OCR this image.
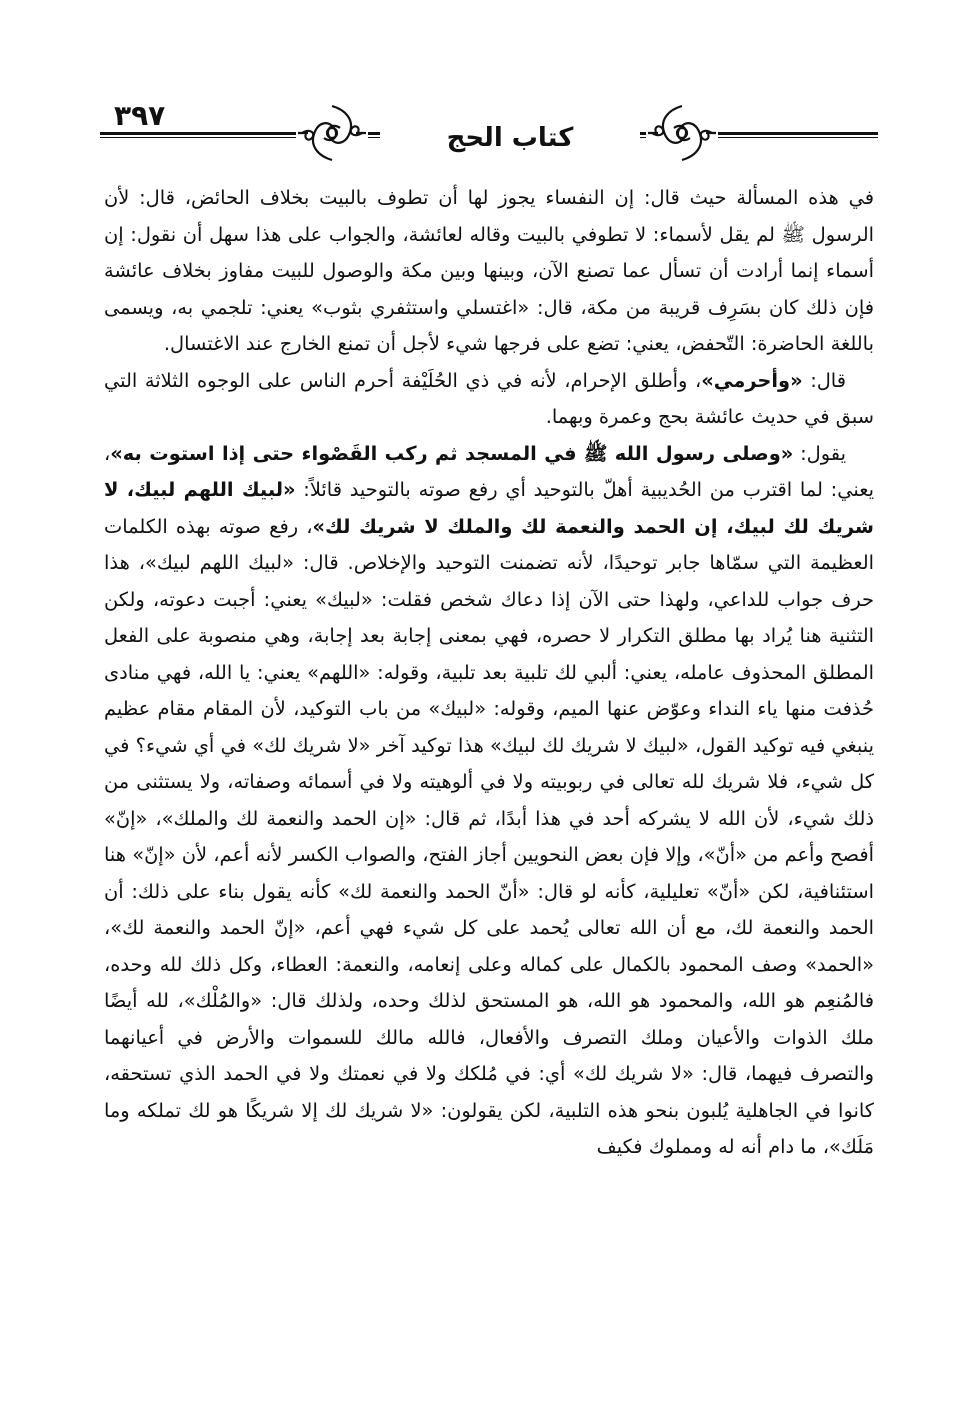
٣٩٧
كتاب الحج

في هذه المسألة حيث قال: إن النفساء يجوز لها أن تطوف بالبيت بخلاف الحائض، قال: لأن الرسول ﷺ لم يقل لأسماء: لا تطوفي بالبيت وقاله لعائشة، والجواب على هذا سهل أن نقول: إن أسماء إنما أرادت أن تسأل عما تصنع الآن، وبينها وبين مكة والوصول للبيت مفاوز بخلاف عائشة فإن ذلك كان بسَرِف قريبة من مكة، قال: «اغتسلي واستثفري بثوب» يعني: تلجمي به، ويسمى باللغة الحاضرة: التّحفض، يعني: تضع على فرجها شيء لأجل أن تمنع الخارج عند الاغتسال.

قال: «وأحرمي»، وأطلق الإحرام، لأنه في ذي الحُلَيْفة أحرم الناس على الوجوه الثلاثة التي سبق في حديث عائشة بحج وعمرة وبهما.

يقول: «وصلى رسول الله ﷺ في المسجد ثم ركب القَصْواء حتى إذا استوت به»، يعني: لما اقترب من الحُديبية أهلّ بالتوحيد أي رفع صوته بالتوحيد قائلاً: «لبيك اللهم لبيك، لا شريك لك لبيك، إن الحمد والنعمة لك والملك لا شريك لك»، رفع صوته بهذه الكلمات العظيمة التي سمّاها جابر توحيدًا، لأنه تضمنت التوحيد والإخلاص. قال: «لبيك اللهم لبيك»، هذا حرف جواب للداعي، ولهذا حتى الآن إذا دعاك شخص فقلت: «لبيك» يعني: أجبت دعوته، ولكن التثنية هنا يُراد بها مطلق التكرار لا حصره، فهي بمعنى إجابة بعد إجابة، وهي منصوبة على الفعل المطلق المحذوف عامله، يعني: ألبي لك تلبية بعد تلبية، وقوله: «اللهم» يعني: يا الله، فهي منادى حُذفت منها ياء النداء وعوّض عنها الميم، وقوله: «لبيك» من باب التوكيد، لأن المقام مقام عظيم ينبغي فيه توكيد القول، «لبيك لا شريك لك لبيك» هذا توكيد آخر «لا شريك لك» في أي شيء؟ في كل شيء، فلا شريك لله تعالى في ربوبيته ولا في ألوهيته ولا في أسمائه وصفاته، ولا يستثنى من ذلك شيء، لأن الله لا يشركه أحد في هذا أبدًا، ثم قال: «إن الحمد والنعمة لك والملك»، «إنّ» أفصح وأعم من «أنّ»، وإلا فإن بعض النحويين أجاز الفتح، والصواب الكسر لأنه أعم، لأن «إنّ» هنا استئنافية، لكن «أنّ» تعليلية، كأنه لو قال: «أنّ الحمد والنعمة لك» كأنه يقول بناء على ذلك: أن الحمد والنعمة لك، مع أن الله تعالى يُحمد على كل شيء فهي أعم، «إنّ الحمد والنعمة لك»، «الحمد» وصف المحمود بالكمال على كماله وعلى إنعامه، والنعمة: العطاء، وكل ذلك لله وحده، فالمُنعِم هو الله، والمحمود هو الله، هو المستحق لذلك وحده، ولذلك قال: «والمُلْك»، لله أيضًا ملك الذوات والأعيان وملك التصرف والأفعال، فالله مالك للسموات والأرض في أعيانهما والتصرف فيهما، قال: «لا شريك لك» أي: في مُلكك ولا في نعمتك ولا في الحمد الذي تستحقه، كانوا في الجاهلية يُلبون بنحو هذه التلبية، لكن يقولون: «لا شريك لك إلا شريكًا هو لك تملكه وما مَلَك»، ما دام أنه له ومملوك فكيف
